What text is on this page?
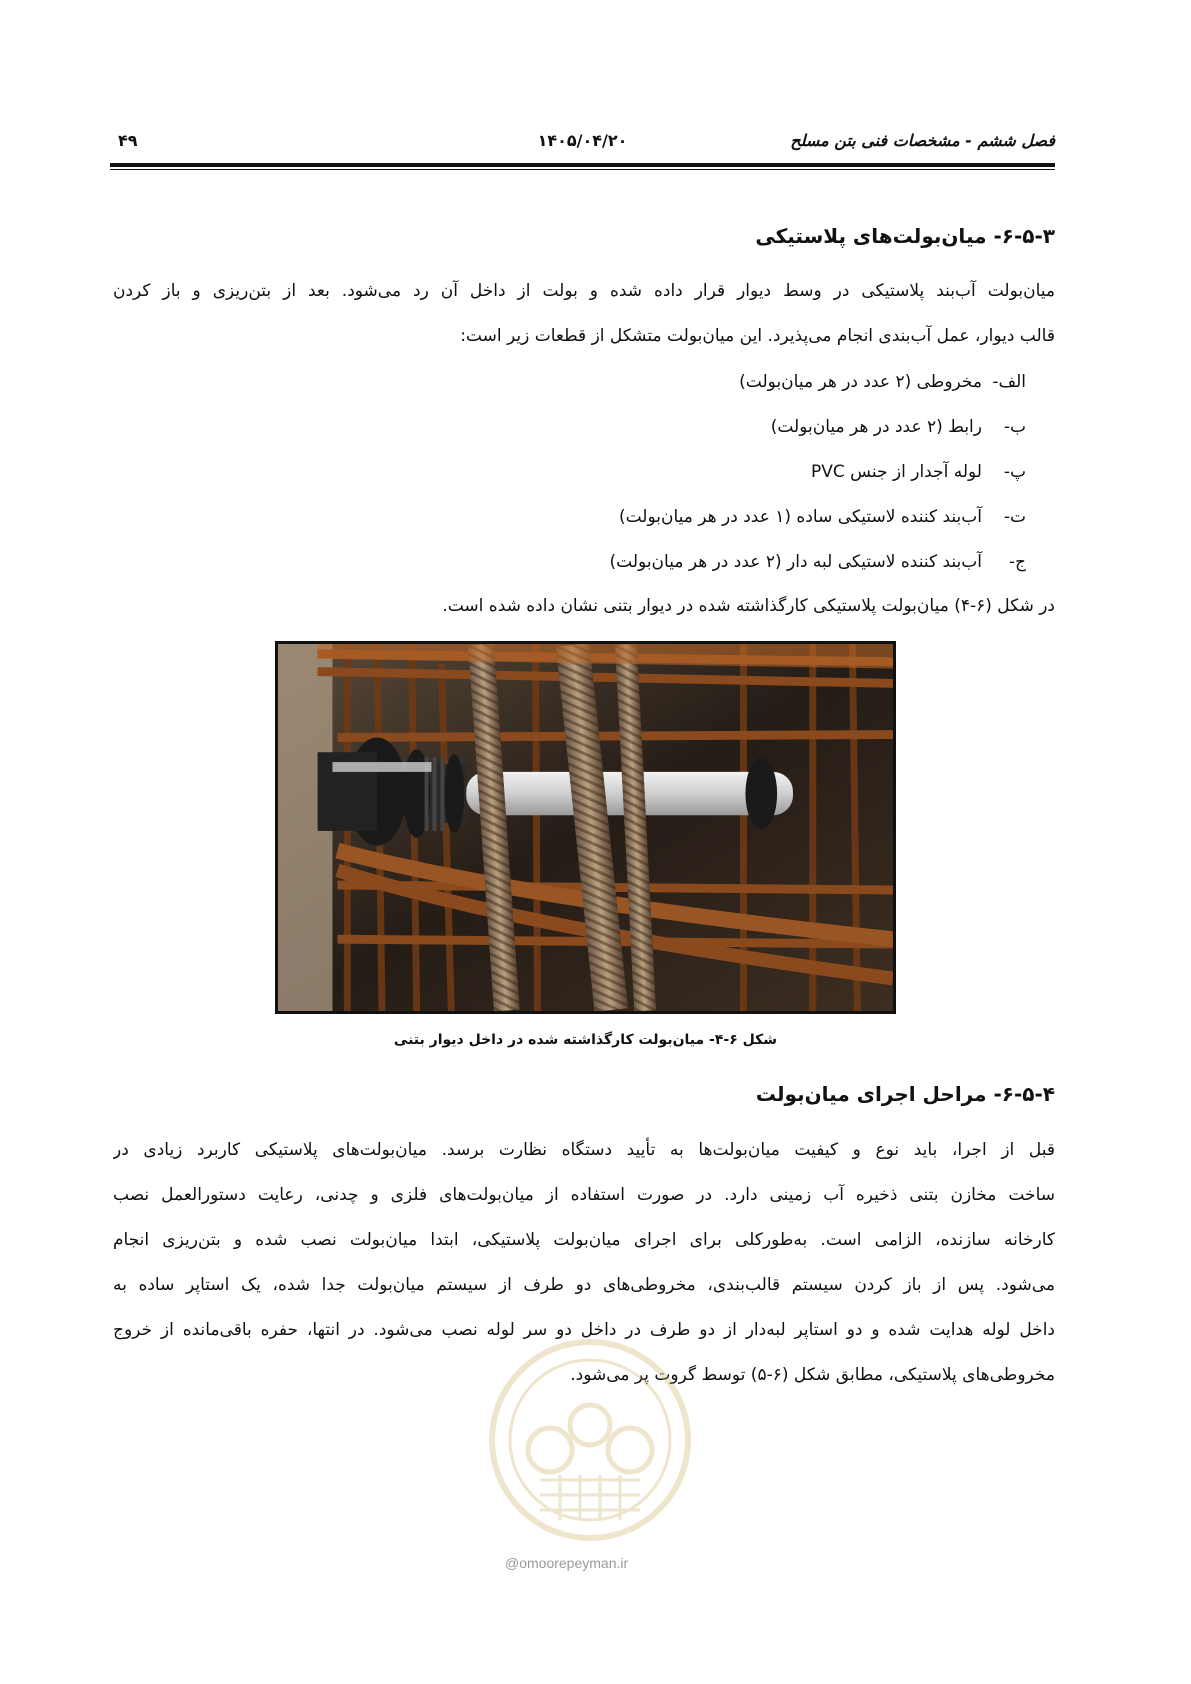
فصل ششم - مشخصات فنی بتن مسلح
۱۴۰۵/۰۴/۲۰
۴۹
۶-۵-۳- میان‌بولت‌های پلاستیکی

میان‌بولت آب‌بند پلاستیکی در وسط دیوار قرار داده شده و بولت از داخل آن رد می‌شود. بعد از بتن‌ریزی و باز کردن
قالب دیوار، عمل آب‌بندی انجام می‌پذیرد. این میان‌بولت متشکل از قطعات زیر است:

الف-مخروطی (۲ عدد در هر میان‌بولت)
ب-رابط (۲ عدد در هر میان‌بولت)
پ-لوله آجدار از جنس PVC
ت-آب‌بند کننده لاستیکی ساده (۱ عدد در هر میان‌بولت)
ج-آب‌بند کننده لاستیکی لبه دار (۲ عدد در هر میان‌بولت)
در شکل (۶-۴) میان‌بولت پلاستیکی کارگذاشته شده در دیوار بتنی نشان داده شده است.
شکل ۶-۴- میان‌بولت کارگذاشته شده در داخل دیوار بتنی
۶-۵-۴- مراحل اجرای میان‌بولت

قبل از اجرا، باید نوع و کیفیت میان‌بولت‌ها به تأیید دستگاه نظارت برسد. میان‌بولت‌های پلاستیکی کاربرد زیادی در
ساخت مخازن بتنی ذخیره آب زمینی دارد. در صورت استفاده از میان‌بولت‌های فلزی و چدنی، رعایت دستورالعمل نصب
کارخانه سازنده، الزامی است. به‌طورکلی برای اجرای میان‌بولت پلاستیکی، ابتدا میان‌بولت نصب شده و بتن‌ریزی انجام
می‌شود. پس از باز کردن سیستم قالب‌بندی، مخروطی‌های دو طرف از سیستم میان‌بولت جدا شده، یک استاپر ساده به
داخل لوله هدایت شده و دو استاپر لبه‌دار از دو طرف در داخل دو سر لوله نصب می‌شود. در انتها، حفره باقی‌مانده از خروج
مخروطی‌های پلاستیکی، مطابق شکل (۶-۵) توسط گروت پر می‌شود.

@omoorepeyman.ir
